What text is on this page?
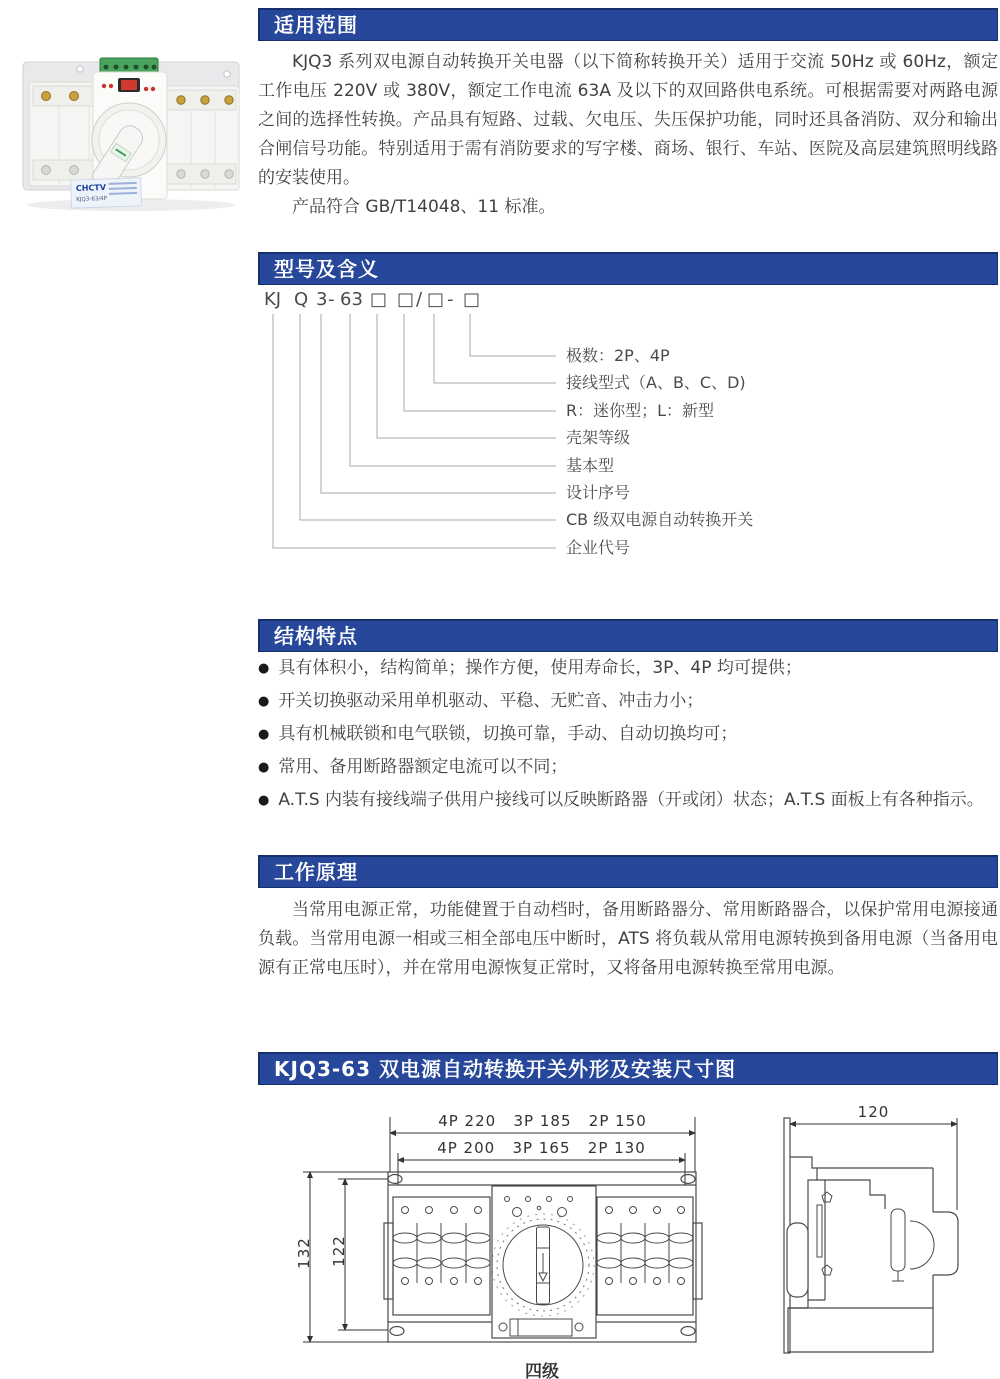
CHCTV
KJQ3-63/4P
适用范围

KJQ3 系列双电源自动转换开关电器（以下简称转换开关）适用于交流 50Hz 或 60Hz，额定工作电压 220V 或 380V，额定工作电流 63A 及以下的双回路供电系统。可根据需要对两路电源之间的选择性转换。产品具有短路、过载、欠电压、失压保护功能，同时还具备消防、双分和输出合闸信号功能。特别适用于需有消防要求的写字楼、商场、银行、车站、医院及高层建筑照明线路的安装使用。

产品符合 GB/T14048、11 标准。

型号及含义
KJ Q 3 - 63 □ □ / □ - □
极数：2P、4P
接线型式（A、B、C、D)
R：迷你型；L：新型
壳架等级
基本型
设计序号
CB 级双电源自动转换开关
企业代号
结构特点
● 具有体积小，结构简单；操作方便，使用寿命长，3P、4P 均可提供；
● 开关切换驱动采用单机驱动、平稳、无贮音、冲击力小；
● 具有机械联锁和电气联锁，切换可靠，手动、自动切换均可；
● 常用、备用断路器额定电流可以不同；
● A.T.S 内装有接线端子供用户接线可以反映断路器（开或闭）状态；A.T.S 面板上有各种指示。
工作原理

当常用电源正常，功能健置于自动档时，备用断路器分、常用断路器合，以保护常用电源接通负载。当常用电源一相或三相全部电压中断时，ATS 将负载从常用电源转换到备用电源（当备用电源有正常电压时），并在常用电源恢复正常时，又将备用电源转换至常用电源。

KJQ3-63 双电源自动转换开关外形及安装尺寸图
4P 220   3P 185   2P 150
4P 200   3P 165   2P 130
132 122
120
四级
